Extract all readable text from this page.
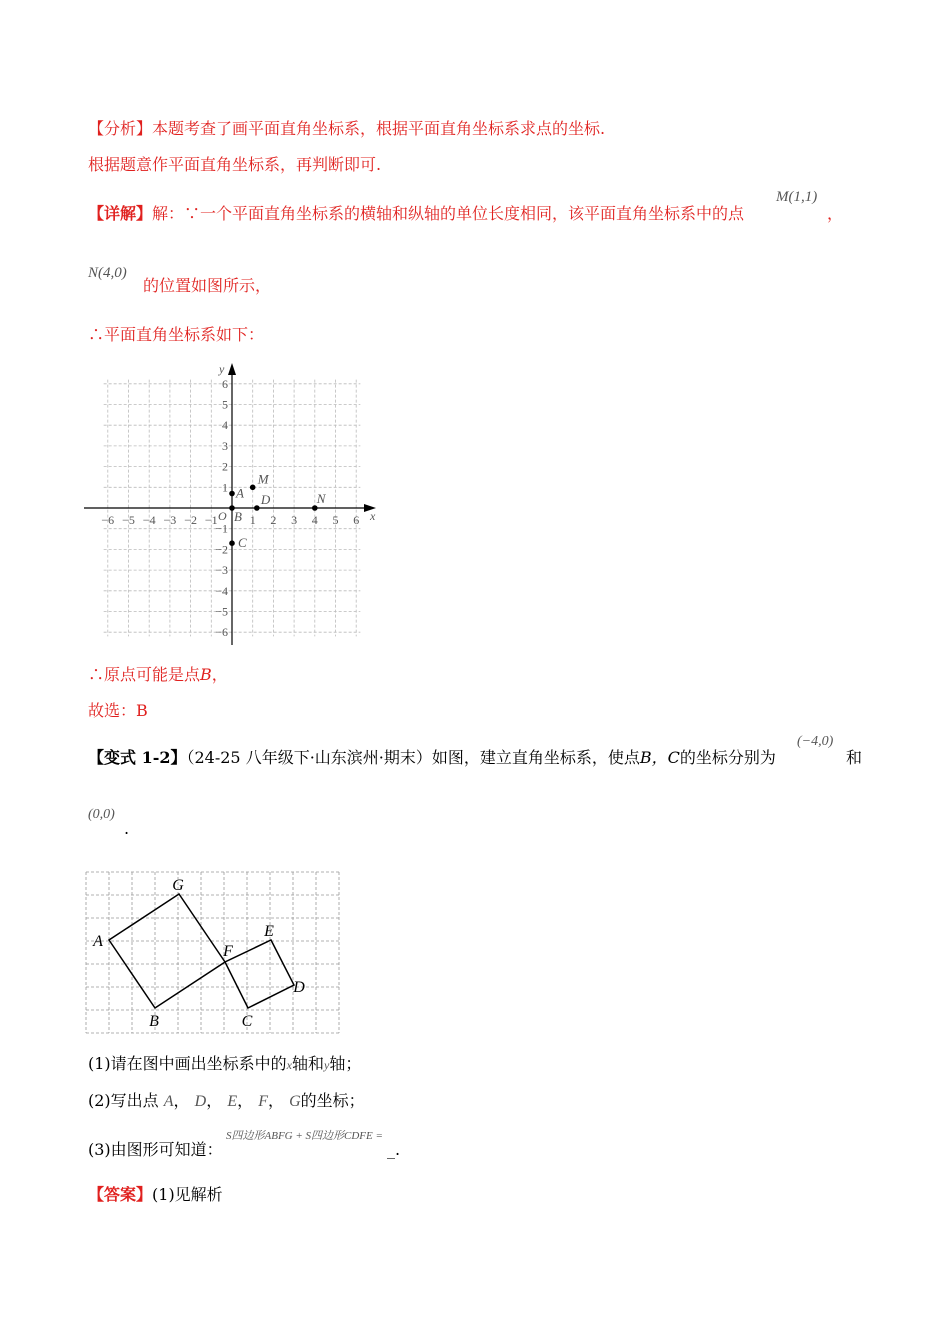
【分析】本题考查了画平面直角坐标系，根据平面直角坐标系求点的坐标.
根据题意作平面直角坐标系，再判断即可.
【详解】解：∵一个平面直角坐标系的横轴和纵轴的单位长度相同，该平面直角坐标系中的点
M(1,1)
，
N(4,0)
的位置如图所示，
∴平面直角坐标系如下：
−6 −5 −4 −3 −2 −1	1 2 3 4 5 6
6
5
4
3
2
1
−1
−2
−3
−4
−5
−6
x
y
O
A
B
C
D
M
N
∴原点可能是点B，
故选：B
【变式 1-2】（24-25 八年级下·山东滨州·期末）如图，建立直角坐标系，使点B，C的坐标分别为
(−4,0)
和
(0,0)
.
G
A
F
E
D
B	C
(1)请在图中画出坐标系中的x轴和y轴；
(2)写出点 A， D， E， F， G的坐标；
(3)由图形可知道：
S四边形ABFG + S四边形CDFE =
_.
【答案】(1)见解析
